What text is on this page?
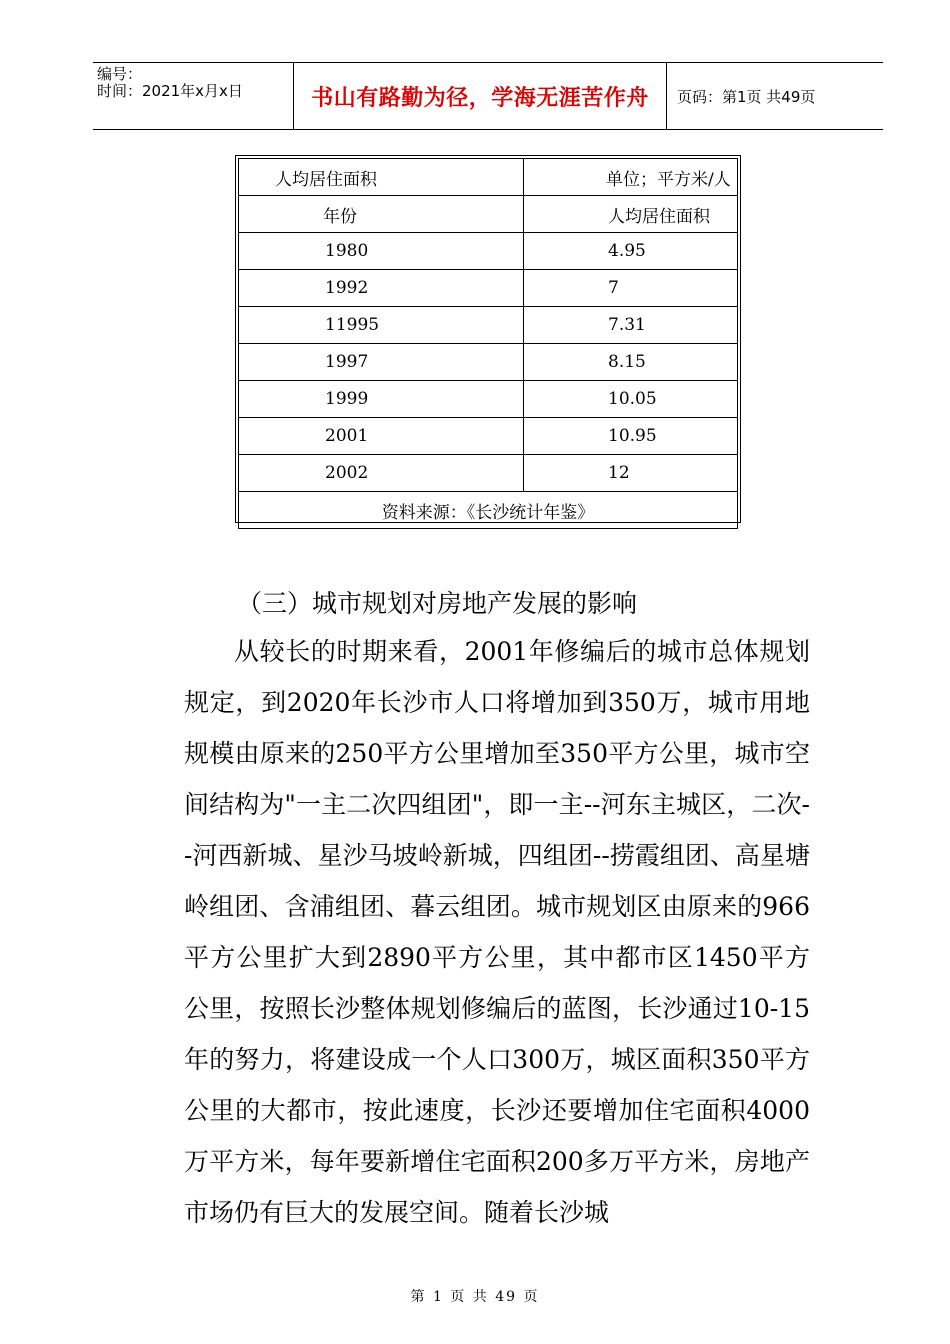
编号：
时间：2021年x月x日	书山有路勤为径，学海无涯苦作舟 页码：第1页 共49页
人均居住面积	单位；平方米/人
年份	人均居住面积
1980	4.95
1992	7
11995	7.31
1997	8.15
1999	10.05
2001	10.95
2002	12
资料来源：《长沙统计年鉴》	
（三）城市规划对房地产发展的影响

从较长的时期来看，2001年修编后的城市总体规划规定，到2020年长沙市人口将增加到350万，城市用地规模由原来的250平方公里增加至350平方公里，城市空间结构为"一主二次四组团"，即一主--河东主城区，二次--河西新城、星沙马坡岭新城，四组团--捞霞组团、高星塘岭组团、含浦组团、暮云组团。城市规划区由原来的966平方公里扩大到2890平方公里，其中都市区1450平方公里，按照长沙整体规划修编后的蓝图，长沙通过10-15年的努力，将建设成一个人口300万，城区面积350平方公里的大都市，按此速度，长沙还要增加住宅面积4000万平方米，每年要新增住宅面积200多万平方米，房地产市场仍有巨大的发展空间。随着长沙城

第 1 页 共 49 页
